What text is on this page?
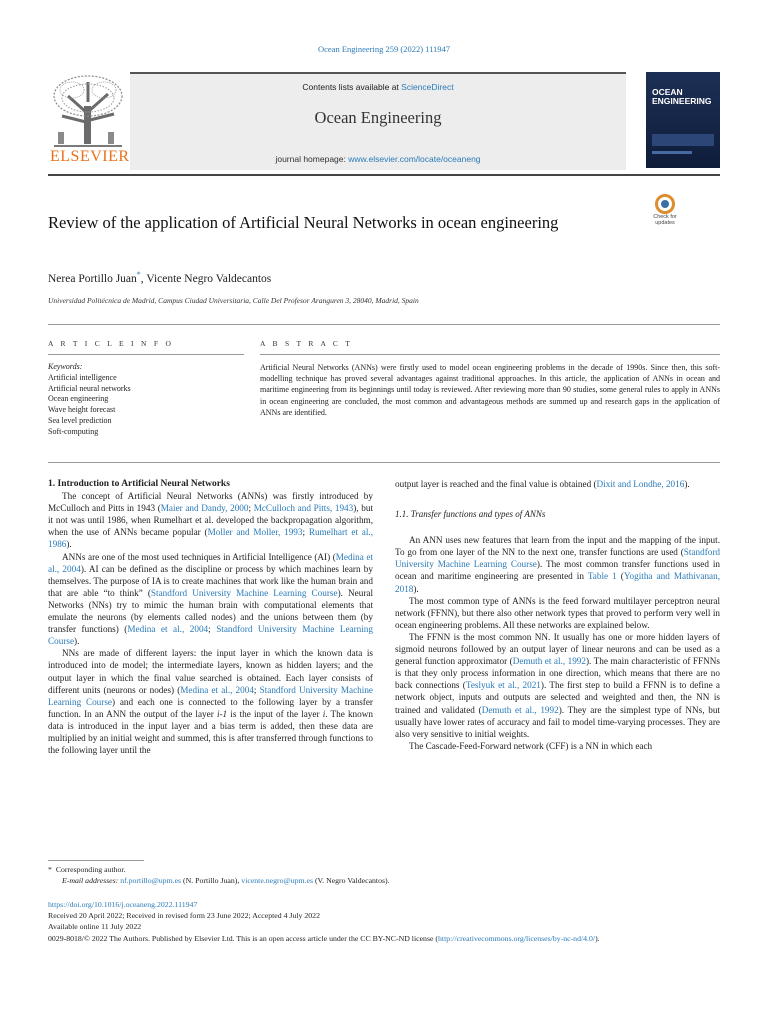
Ocean Engineering 259 (2022) 111947
ELSEVIER
Contents lists available at ScienceDirect
Ocean Engineering
journal homepage: www.elsevier.com/locate/oceaneng
OCEAN
ENGINEERING
Review of the application of Artificial Neural Networks in ocean engineering	Check for
updates
Nerea Portillo Juan*, Vicente Negro Valdecantos
Universidad Politécnica de Madrid, Campus Ciudad Universitaria, Calle Del Profesor Aranguren 3, 28040, Madrid, Spain
A R T I C L E I N F O	A B S T R A C T
Keywords:
Artificial intelligence
Artificial neural networks
Ocean engineering
Wave height forecast
Sea level prediction
Soft-computing
Artificial Neural Networks (ANNs) were firstly used to model ocean engineering problems in the decade of 1990s. Since then, this soft-modelling technique has proved several advantages against traditional approaches. In this article, the application of ANNs in ocean and maritime engineering from its beginnings until today is reviewed. After reviewing more than 90 studies, some general rules to apply in ANNs in ocean engineering are concluded, the most common and advantageous methods are summed up and research gaps in the application of ANNs are identified.

1. Introduction to Artificial Neural Networks

The concept of Artificial Neural Networks (ANNs) was firstly introduced by McCulloch and Pitts in 1943 (Maier and Dandy, 2000; McCulloch and Pitts, 1943), but it not was until 1986, when Rumelhart et al. developed the backpropagation algorithm, when the use of ANNs became popular (Moller and Moller, 1993; Rumelhart et al., 1986).

ANNs are one of the most used techniques in Artificial Intelligence (AI) (Medina et al., 2004). AI can be defined as the discipline or process by which machines learn by themselves. The purpose of IA is to create machines that work like the human brain and that are able “to think” (Standford University Machine Learning Course). Neural Networks (NNs) try to mimic the human brain with computational elements that emulate the neurons (by elements called nodes) and the unions between them (by transfer functions) (Medina et al., 2004; Standford University Machine Learning Course).

NNs are made of different layers: the input layer in which the known data is introduced into de model; the intermediate layers, known as hidden layers; and the output layer in which the final value searched is obtained. Each layer consists of different units (neurons or nodes) (Medina et al., 2004; Standford University Machine Learning Course) and each one is connected to the following layer by a transfer function. In an ANN the output of the layer i-1 is the input of the layer i. The known data is introduced in the input layer and a bias term is added, then these data are multiplied by an initial weight and summed, this is after transferred through functions to the following layer until the

output layer is reached and the final value is obtained (Dixit and Londhe, 2016).

1.1. Transfer functions and types of ANNs

An ANN uses new features that learn from the input and the mapping of the input. To go from one layer of the NN to the next one, transfer functions are used (Standford University Machine Learning Course). The most common transfer functions used in ocean and maritime engineering are presented in Table 1 (Yogitha and Mathivanan, 2018).

The most common type of ANNs is the feed forward multilayer perceptron neural network (FFNN), but there also other network types that proved to perform very well in ocean engineering problems. All these networks are explained below.

The FFNN is the most common NN. It usually has one or more hidden layers of sigmoid neurons followed by an output layer of linear neurons and can be used as a general function approximator (Demuth et al., 1992). The main characteristic of FFNNs is that they only process information in one direction, which means that there are no back connections (Teslyuk et al., 2021). The first step to build a FFNN is to define a network object, inputs and outputs are selected and weighted and then, the NN is trained and validated (Demuth et al., 1992). They are the simplest type of NNs, but usually have lower rates of accuracy and fail to model time-varying processes. They are also very sensitive to initial weights.

The Cascade-Feed-Forward network (CFF) is a NN in which each

* Corresponding author.
E-mail addresses: nf.portillo@upm.es (N. Portillo Juan), vicente.negro@upm.es (V. Negro Valdecantos).
https://doi.org/10.1016/j.oceaneng.2022.111947
Received 20 April 2022; Received in revised form 23 June 2022; Accepted 4 July 2022
Available online 11 July 2022
0029-8018/© 2022 The Authors. Published by Elsevier Ltd. This is an open access article under the CC BY-NC-ND license (http://creativecommons.org/licenses/by-nc-nd/4.0/).
